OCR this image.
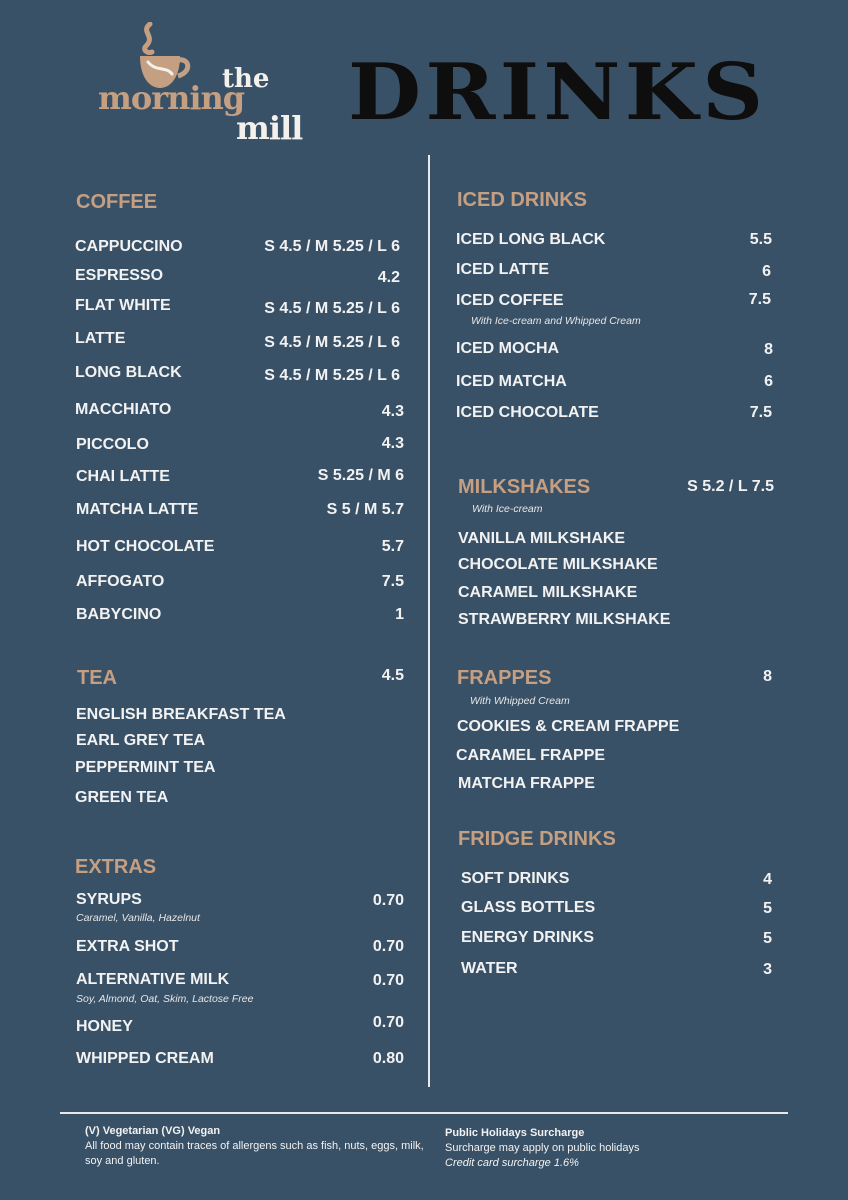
the
morning
mill DRINKS
COFFEE
CAPPUCCINO	S 4.5 / M 5.25 / L 6
ESPRESSO	4.2
FLAT WHITE	S 4.5 / M 5.25 / L 6
LATTE	S 4.5 / M 5.25 / L 6
LONG BLACK	S 4.5 / M 5.25 / L 6
MACCHIATO	4.3
PICCOLO	4.3
CHAI LATTE	S 5.25 / M 6
MATCHA LATTE	S 5 / M 5.7
HOT CHOCOLATE	5.7
AFFOGATO	7.5
BABYCINO	1
TEA	4.5
ENGLISH BREAKFAST TEA
EARL GREY TEA
PEPPERMINT TEA
GREEN TEA
EXTRAS
SYRUPS	0.70
Caramel, Vanilla, Hazelnut
EXTRA SHOT	0.70
ALTERNATIVE MILK	0.70
Soy, Almond, Oat, Skim, Lactose Free
HONEY	0.70
WHIPPED CREAM	0.80
ICED DRINKS
ICED LONG BLACK	5.5
ICED LATTE	6
ICED COFFEE	7.5
With Ice-cream and Whipped Cream
ICED MOCHA	8
ICED MATCHA	6
ICED CHOCOLATE	7.5
MILKSHAKES	S 5.2 / L 7.5
With Ice-cream
VANILLA MILKSHAKE
CHOCOLATE MILKSHAKE
CARAMEL MILKSHAKE
STRAWBERRY MILKSHAKE
FRAPPES	8
With Whipped Cream
COOKIES & CREAM FRAPPE
CARAMEL FRAPPE
MATCHA FRAPPE
FRIDGE DRINKS
SOFT DRINKS	4
GLASS BOTTLES	5
ENERGY DRINKS	5
WATER	3
(V) Vegetarian (VG) Vegan
All food may contain traces of allergens such as fish, nuts, eggs, milk, soy and gluten.
Public Holidays Surcharge
Surcharge may apply on public holidays
Credit card surcharge 1.6%
